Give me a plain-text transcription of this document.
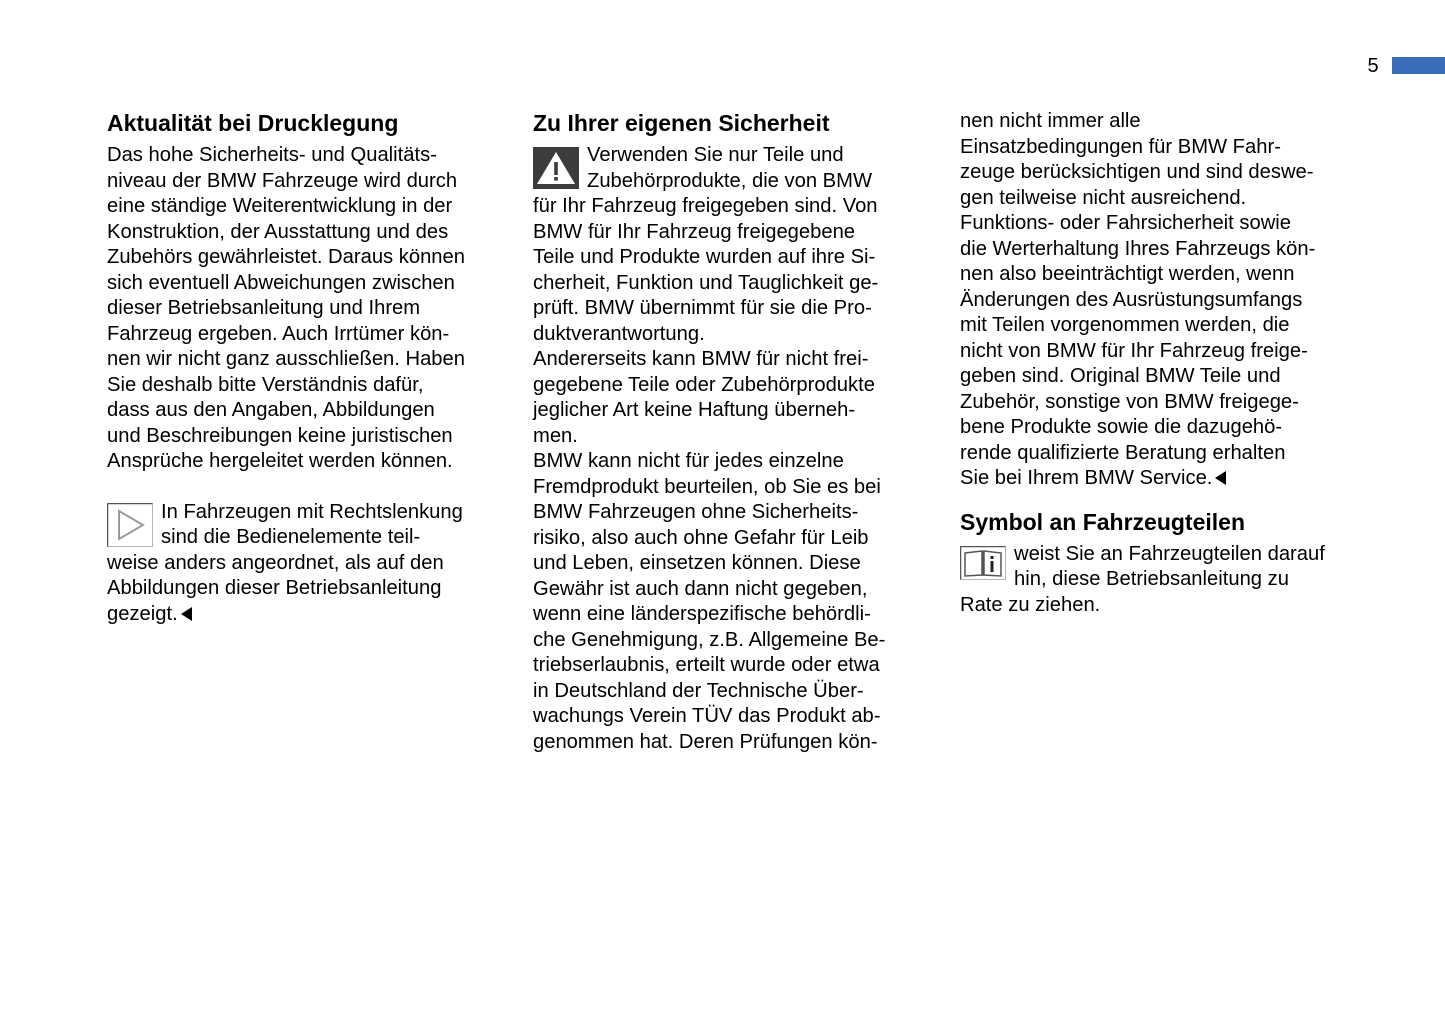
5
Aktualität bei Drucklegung
Das hohe Sicherheits- und Qualitäts-
niveau der BMW Fahrzeuge wird durch
eine ständige Weiterentwicklung in der
Konstruktion, der Ausstattung und des
Zubehörs gewährleistet. Daraus können
sich eventuell Abweichungen zwischen
dieser Betriebsanleitung und Ihrem
Fahrzeug ergeben. Auch Irrtümer kön-
nen wir nicht ganz ausschließen. Haben
Sie deshalb bitte Verständnis dafür,
dass aus den Angaben, Abbildungen
und Beschreibungen keine juristischen
Ansprüche hergeleitet werden können.
In Fahrzeugen mit Rechtslenkung
sind die Bedienelemente teil-
weise anders angeordnet, als auf den
Abbildungen dieser Betriebsanleitung
gezeigt.
Zu Ihrer eigenen Sicherheit
Verwenden Sie nur Teile und
Zubehörprodukte, die von BMW
für Ihr Fahrzeug freigegeben sind. Von
BMW für Ihr Fahrzeug freigegebene
Teile und Produkte wurden auf ihre Si-
cherheit, Funktion und Tauglichkeit ge-
prüft. BMW übernimmt für sie die Pro-
duktverantwortung.
Andererseits kann BMW für nicht frei-
gegebene Teile oder Zubehörprodukte
jeglicher Art keine Haftung überneh-
men.
BMW kann nicht für jedes einzelne
Fremdprodukt beurteilen, ob Sie es bei
BMW Fahrzeugen ohne Sicherheits-
risiko, also auch ohne Gefahr für Leib
und Leben, einsetzen können. Diese
Gewähr ist auch dann nicht gegeben,
wenn eine länderspezifische behördli-
che Genehmigung, z.B. Allgemeine Be-
triebserlaubnis, erteilt wurde oder etwa
in Deutschland der Technische Über-
wachungs Verein TÜV das Produkt ab-
genommen hat. Deren Prüfungen kön-
nen nicht immer alle
Einsatzbedingungen für BMW Fahr-
zeuge berücksichtigen und sind deswe-
gen teilweise nicht ausreichend.
Funktions- oder Fahrsicherheit sowie
die Werterhaltung Ihres Fahrzeugs kön-
nen also beeinträchtigt werden, wenn
Änderungen des Ausrüstungsumfangs
mit Teilen vorgenommen werden, die
nicht von BMW für Ihr Fahrzeug freige-
geben sind. Original BMW Teile und
Zubehör, sonstige von BMW freigege-
bene Produkte sowie die dazugehö-
rende qualifizierte Beratung erhalten
Sie bei Ihrem BMW Service.
Symbol an Fahrzeugteilen
weist Sie an Fahrzeugteilen darauf
hin, diese Betriebsanleitung zu
Rate zu ziehen.
